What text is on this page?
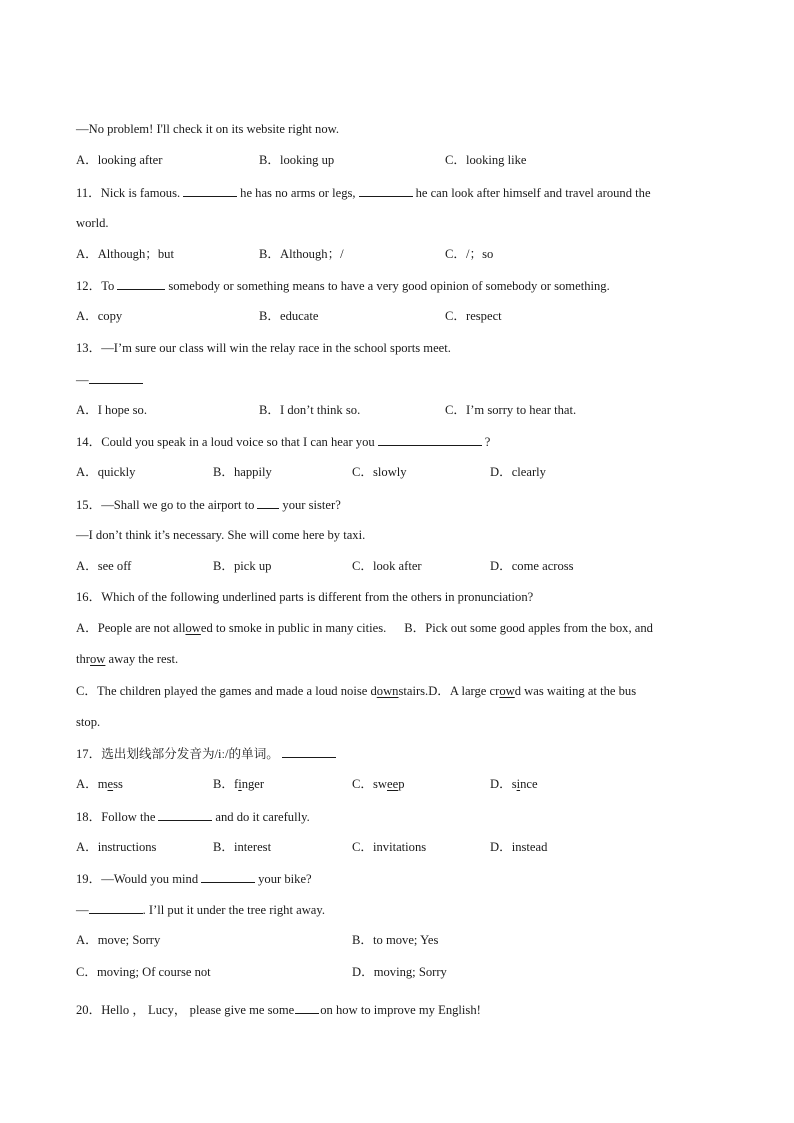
—No problem! I'll check it on its website right now.
A．looking after	B．looking up	C．looking like
11．Nick is famous.	he has no arms or legs,	he can look after himself and travel around the
world.
A．Although；but	B．Although；/	C．/；so
12．To	somebody or something means to have a very good opinion of somebody or something.
A．copy	B．educate	C．respect
13．—I’m sure our class will win the relay race in the school sports meet.
—
A．I hope so.	B．I don’t think so.	C．I’m sorry to hear that.
14．Could you speak in a loud voice so that I can hear you	?
A．quickly	B．happily	C．slowly	D．clearly
15．—Shall we go to the airport to your sister?
—I don’t think it’s necessary. She will come here by taxi.
A．see off	B．pick up	C．look after	D．come across
16．Which of the following underlined parts is different from the others in pronunciation?
A．People are not allowed to smoke in public in many cities. B．Pick out some good apples from the box, and
throw away the rest.
C．The children played the games and made a loud noise downstairs.D．A large crowd was waiting at the bus
stop.
17．选出划线部分发音为/iː/的单词。
A．mess	B．finger	C．sweep	D．since
18．Follow the	and do it carefully.
A．instructions	B．interest	C．invitations	D．instead
19．—Would you mind	your bike?
—	. I’ll put it under the tree right away.
A．move; Sorry	B．to move; Yes
C．moving; Of course not	D．moving; Sorry
20．Hello ， Lucy， please give me some on how to improve my English!
